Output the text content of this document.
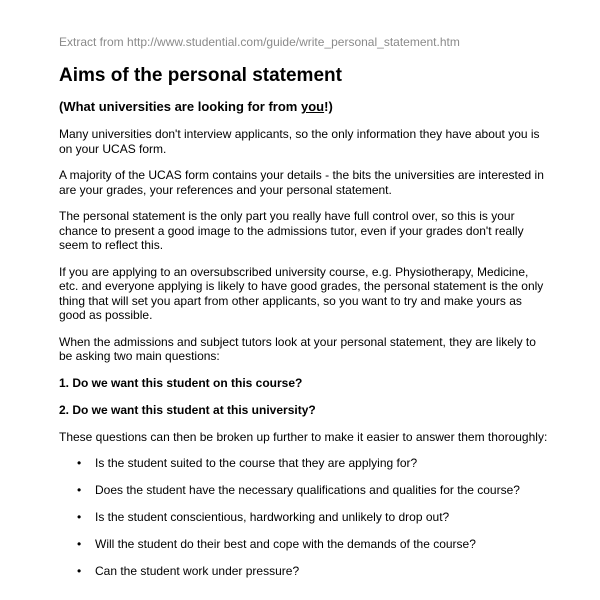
Extract from http://www.studential.com/guide/write_personal_statement.htm

Aims of the personal statement
(What universities are looking for from you!)

Many universities don't interview applicants, so the only information they have about you is on your UCAS form.

A majority of the UCAS form contains your details - the bits the universities are interested in are your grades, your references and your personal statement.

The personal statement is the only part you really have full control over, so this is your chance to present a good image to the admissions tutor, even if your grades don't really seem to reflect this.

If you are applying to an oversubscribed university course, e.g. Physiotherapy, Medicine, etc. and everyone applying is likely to have good grades, the personal statement is the only thing that will set you apart from other applicants, so you want to try and make yours as good as possible.

When the admissions and subject tutors look at your personal statement, they are likely to be asking two main questions:

1. Do we want this student on this course?

2. Do we want this student at this university?

These questions can then be broken up further to make it easier to answer them thoroughly:

• Is the student suited to the course that they are applying for?
• Does the student have the necessary qualifications and qualities for the course?
• Is the student conscientious, hardworking and unlikely to drop out?
• Will the student do their best and cope with the demands of the course?
• Can the student work under pressure?
